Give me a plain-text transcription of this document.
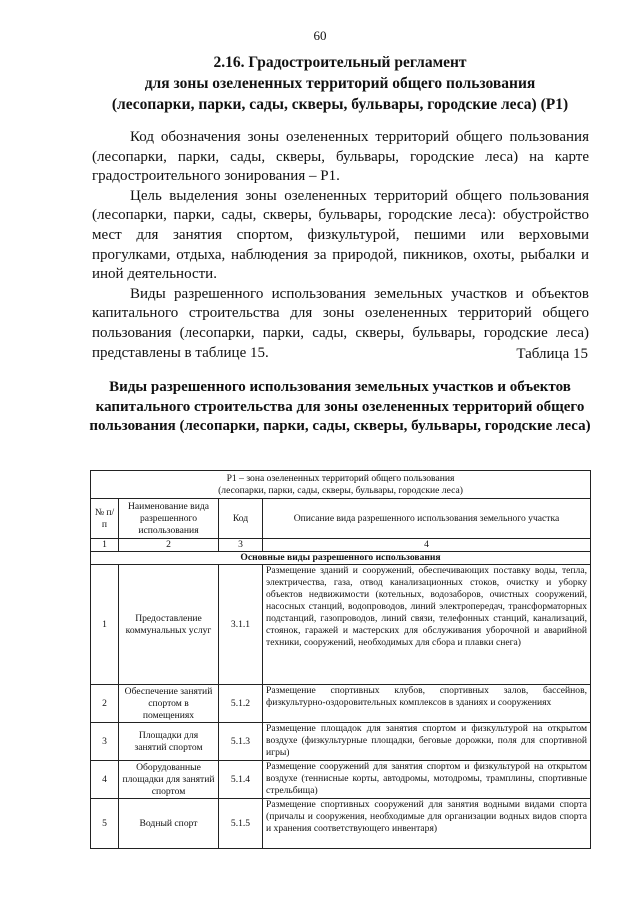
60
2.16. Градостроительный регламент
для зоны озелененных территорий общего пользования
(лесопарки, парки, сады, скверы, бульвары, городские леса) (Р1)

Код обозначения зоны озелененных территорий общего пользования (лесопарки, парки, сады, скверы, бульвары, городские леса) на карте градостроительного зонирования – Р1.

Цель выделения зоны озелененных территорий общего пользования (лесопарки, парки, сады, скверы, бульвары, городские леса): обустройство мест для занятия спортом, физкультурой, пешими или верховыми прогулками, отдыха, наблюдения за природой, пикников, охоты, рыбалки и иной деятельности.

Виды разрешенного использования земельных участков и объектов капитального строительства для зоны озелененных территорий общего пользования (лесопарки, парки, сады, скверы, бульвары, городские леса) представлены в таблице 15.	Таблица 15
Виды разрешенного использования земельных участков и объектов капитального строительства для зоны озелененных территорий общего пользования (лесопарки, парки, сады, скверы, бульвары, городские леса)
Р1 – зона озелененных территорий общего пользования
(лесопарки, парки, сады, скверы, бульвары, городские леса)			

№ п/п	Наименование вида разрешенного использования	Код	Описание вида разрешенного использования земельного участка
1	2	3	4
Основные виды разрешенного использования			
1	Предоставление коммунальных услуг	3.1.1	Размещение зданий и сооружений, обеспечивающих поставку воды, тепла, электричества, газа, отвод канализационных стоков, очистку и уборку объектов недвижимости (котельных, водозаборов, очистных сооружений, насосных станций, водопроводов, линий электропередач, трансформаторных подстанций, газопроводов, линий связи, телефонных станций, канализаций, стоянок, гаражей и мастерских для обслуживания уборочной и аварийной техники, сооружений, необходимых для сбора и плавки снега)
2	Обеспечение занятий спортом в помещениях	5.1.2	Размещение спортивных клубов, спортивных залов, бассейнов, физкультурно-оздоровительных комплексов в зданиях и сооружениях
3	Площадки для занятий спортом	5.1.3	Размещение площадок для занятия спортом и физкультурой на открытом воздухе (физкультурные площадки, беговые дорожки, поля для спортивной игры)
4	Оборудованные площадки для занятий спортом	5.1.4	Размещение сооружений для занятия спортом и физкультурой на открытом воздухе (теннисные корты, автодромы, мотодромы, трамплины, спортивные стрельбища)
5	Водный спорт	5.1.5	Размещение спортивных сооружений для занятия водными видами спорта (причалы и сооружения, необходимые для организации водных видов спорта и хранения соответствующего инвентаря)
